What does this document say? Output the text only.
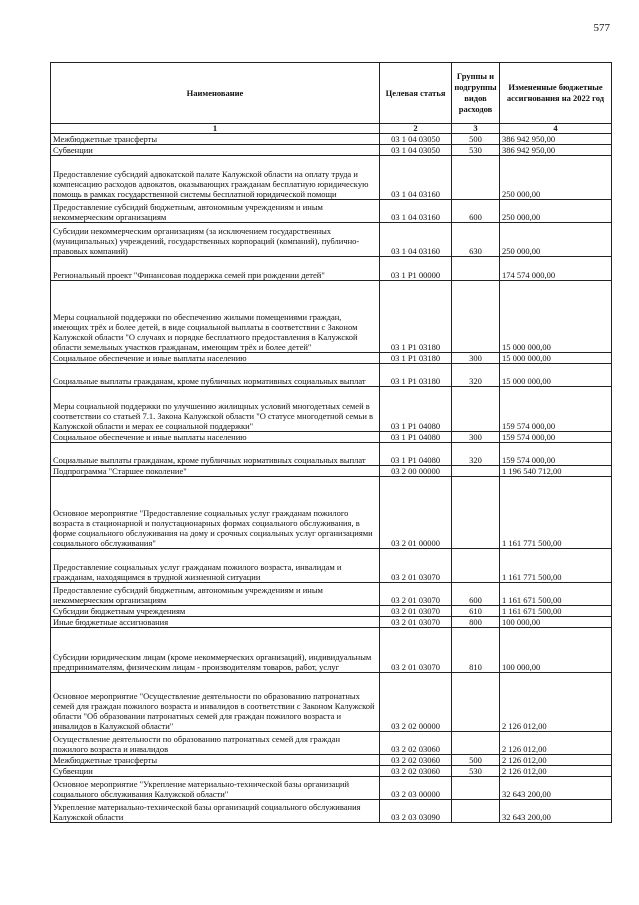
577
Наименование	Целевая статья	Группы и подгруппы видов расходов	Измененные бюджетные ассигнования на 2022 год
1	2	3	4
Межбюджетные трансферты	03 1 04 03050	500	386 942 950,00
Субвенции	03 1 04 03050	530	386 942 950,00
Предоставление субсидий адвокатской палате Калужской области на оплату труда и компенсацию расходов адвокатов, оказывающих гражданам бесплатную юридическую помощь в рамках государственной системы бесплатной юридической помощи	03 1 04 03160		250 000,00
Предоставление субсидий бюджетным, автономным учреждениям и иным некоммерческим организациям	03 1 04 03160	600	250 000,00
Субсидии некоммерческим организациям (за исключением государственных (муниципальных) учреждений, государственных корпораций (компаний), публично-правовых компаний)	03 1 04 03160	630	250 000,00
Региональный проект "Финансовая поддержка семей при рождении детей"	03 1 P1 00000		174 574 000,00
Меры социальной поддержки по обеспечению жилыми помещениями граждан, имеющих трёх и более детей, в виде социальной выплаты в соответствии с Законом Калужской области "О случаях и порядке бесплатного предоставления в Калужской области земельных участков гражданам, имеющим трёх и более детей"	03 1 P1 03180		15 000 000,00
Социальное обеспечение и иные выплаты населению	03 1 P1 03180	300	15 000 000,00
Социальные выплаты гражданам, кроме публичных нормативных социальных выплат	03 1 P1 03180	320	15 000 000,00
Меры социальной поддержки по улучшению жилищных условий многодетных семей в соответствии со статьей 7.1. Закона Калужской области "О статусе многодетной семьи в Калужской области и мерах ее социальной поддержки"	03 1 P1 04080		159 574 000,00
Социальное обеспечение и иные выплаты населению	03 1 P1 04080	300	159 574 000,00
Социальные выплаты гражданам, кроме публичных нормативных социальных выплат	03 1 P1 04080	320	159 574 000,00
Подпрограмма "Старшее поколение"	03 2 00 00000		1 196 540 712,00
Основное мероприятие "Предоставление социальных услуг гражданам пожилого возраста в стационарной и полустационарных формах социального обслуживания, в форме социального обслуживания на дому и срочных социальных услуг организациями социального обслуживания"	03 2 01 00000		1 161 771 500,00
Предоставление социальных услуг гражданам пожилого возраста, инвалидам и гражданам, находящимся в трудной жизненной ситуации	03 2 01 03070		1 161 771 500,00
Предоставление субсидий бюджетным, автономным учреждениям и иным некоммерческим организациям	03 2 01 03070	600	1 161 671 500,00
Субсидии бюджетным учреждениям	03 2 01 03070	610	1 161 671 500,00
Иные бюджетные ассигнования	03 2 01 03070	800	100 000,00
Субсидии юридическим лицам (кроме некоммерческих организаций), индивидуальным предпринимателям, физическим лицам - производителям товаров, работ, услуг	03 2 01 03070	810	100 000,00
Основное мероприятие "Осуществление деятельности по образованию патронатных семей для граждан пожилого возраста и инвалидов в соответствии с Законом Калужской области "Об образовании патронатных семей для граждан пожилого возраста и инвалидов в Калужской области"	03 2 02 00000		2 126 012,00
Осуществление деятельности по образованию патронатных семей для граждан пожилого возраста и инвалидов	03 2 02 03060		2 126 012,00
Межбюджетные трансферты	03 2 02 03060	500	2 126 012,00
Субвенции	03 2 02 03060	530	2 126 012,00
Основное мероприятие "Укрепление материально-технической базы организаций социального обслуживания Калужской области"	03 2 03 00000		32 643 200,00
Укрепление материально-технической базы организаций социального обслуживания Калужской области	03 2 03 03090		32 643 200,00
